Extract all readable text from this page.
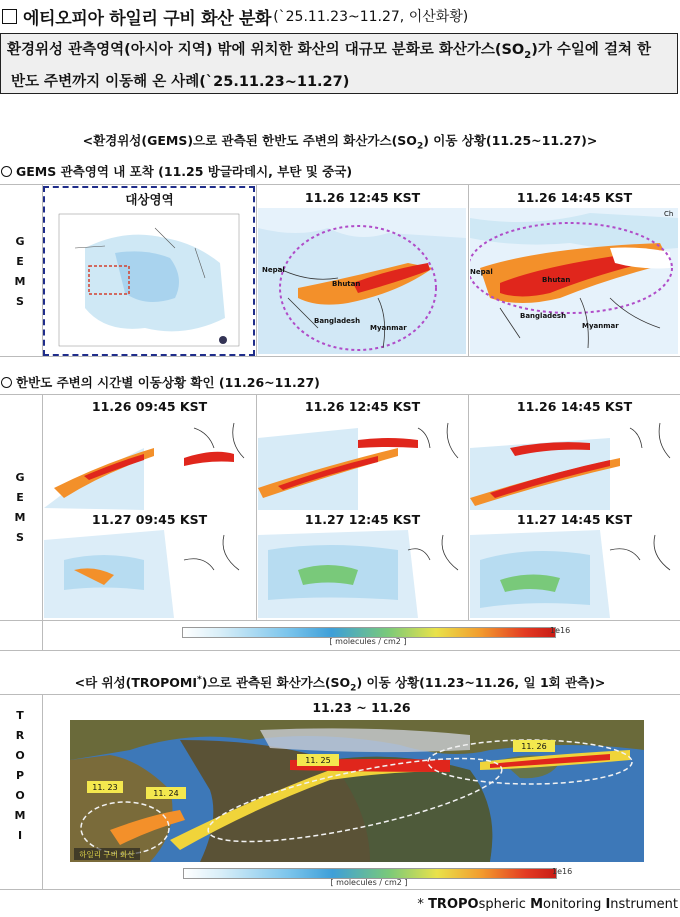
에티오피아 하일리 구비 화산 분화 (`25.11.23~11.27, 이산화황)

환경위성 관측영역(아시아 지역) 밖에 위치한 화산의 대규모 분화로 화산가스$(SO_2)$가 수일에 걸쳐 한

반도 주변까지 이동해 온 사례(`25.11.23~11.27)

<환경위성(GEMS)으로 관측된 한반도 주변의 화산가스$(SO_2)$ 이동 상황(11.25~11.27)>
GEMS 관측영역 내 포착 (11.25 방글라데시, 부탄 및 중국)
G
E
M
S
대상영역	11.26 12:45 KST	11.26 14:45 KST
Nepal
Bhutan
Bangladesh
Myanmar
Nepal
Bhutan
Bangladesh
Myanmar
Ch
한반도 주변의 시간별 이동상황 확인 (11.26~11.27)
G
E
M
S
11.26 09:45 KST	11.26 12:45 KST	11.26 14:45 KST
11.27 09:45 KST	11.27 12:45 KST	11.27 14:45 KST
[ molecules / cm2 ]
1e16
<타 위성(TROPOMI*)으로 관측된 화산가스$(SO_2)$ 이동 상황(11.23~11.26, 일 1회 관측)>
T
R
O
P
O
M
I
11.23 ~ 11.26
11. 23
11. 24
11. 25
11. 26
하일리 구비 화산
[ molecules / cm2 ]
1e16
* TROPOspheric Monitoring Instrument
